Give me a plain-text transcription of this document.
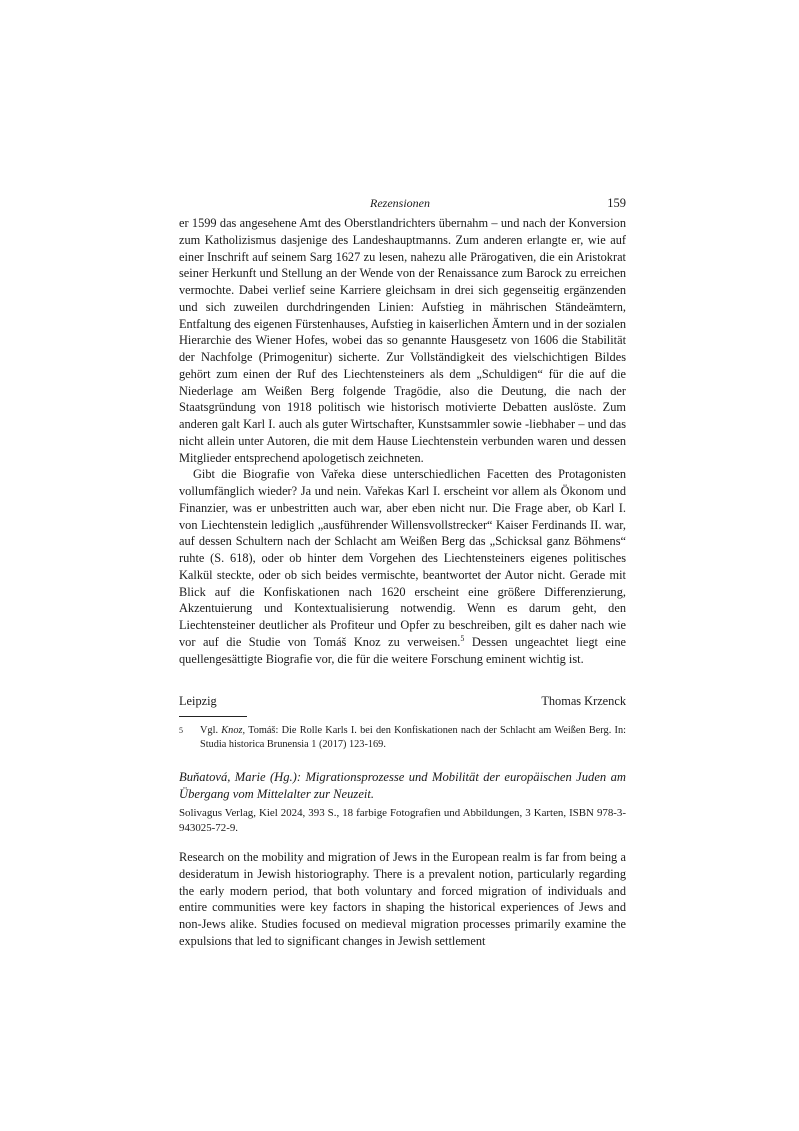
Rezensionen	159

er 1599 das angesehene Amt des Oberstlandrichters übernahm – und nach der Konversion zum Katholizismus dasjenige des Landeshauptmanns. Zum anderen erlangte er, wie auf einer Inschrift auf seinem Sarg 1627 zu lesen, nahezu alle Prärogativen, die ein Aristokrat seiner Herkunft und Stellung an der Wende von der Renaissance zum Barock zu erreichen vermochte. Dabei verlief seine Karriere gleichsam in drei sich gegenseitig ergänzenden und sich zuweilen durchdringenden Linien: Aufstieg in mährischen Ständeämtern, Entfaltung des eigenen Fürstenhauses, Aufstieg in kaiserlichen Ämtern und in der sozialen Hierarchie des Wiener Hofes, wobei das so genannte Hausgesetz von 1606 die Stabilität der Nachfolge (Primogenitur) sicherte. Zur Vollständigkeit des vielschichtigen Bildes gehört zum einen der Ruf des Liechtensteiners als dem „Schuldigen“ für die auf die Niederlage am Weißen Berg folgende Tragödie, also die Deutung, die nach der Staatsgründung von 1918 politisch wie historisch motivierte Debatten auslöste. Zum anderen galt Karl I. auch als guter Wirtschafter, Kunstsammler sowie -liebhaber – und das nicht allein unter Autoren, die mit dem Hause Liechtenstein verbunden waren und dessen Mitglieder entsprechend apologetisch zeichneten.

Gibt die Biografie von Vařeka diese unterschiedlichen Facetten des Protagonisten vollumfänglich wieder? Ja und nein. Vařekas Karl I. erscheint vor allem als Ökonom und Finanzier, was er unbestritten auch war, aber eben nicht nur. Die Frage aber, ob Karl I. von Liechtenstein lediglich „ausführender Willensvollstrecker“ Kaiser Ferdinands II. war, auf dessen Schultern nach der Schlacht am Weißen Berg das „Schicksal ganz Böhmens“ ruhte (S. 618), oder ob hinter dem Vorgehen des Liechtensteiners eigenes politisches Kalkül steckte, oder ob sich beides vermischte, beantwortet der Autor nicht. Gerade mit Blick auf die Konfiskationen nach 1620 erscheint eine größere Differenzierung, Akzentuierung und Kontextualisierung notwendig. Wenn es darum geht, den Liechtensteiner deutlicher als Profiteur und Opfer zu beschreiben, gilt es daher nach wie vor auf die Studie von Tomáš Knoz zu verweisen.$^5$ Dessen ungeachtet liegt eine quellengesättigte Biografie vor, die für die weitere Forschung eminent wichtig ist.

Leipzig	Thomas Krzenck
5 Vgl. Knoz, Tomáš: Die Rolle Karls I. bei den Konfiskationen nach der Schlacht am Weißen Berg. In: Studia historica Brunensia 1 (2017) 123-169.
Buňatová, Marie (Hg.): Migrationsprozesse und Mobilität der europäischen Juden am Übergang vom Mittelalter zur Neuzeit.
Solivagus Verlag, Kiel 2024, 393 S., 18 farbige Fotografien und Abbildungen, 3 Karten, ISBN 978-3-943025-72-9.

Research on the mobility and migration of Jews in the European realm is far from being a desideratum in Jewish historiography. There is a prevalent notion, particularly regarding the early modern period, that both voluntary and forced migration of individuals and entire communities were key factors in shaping the historical experiences of Jews and non-Jews alike. Studies focused on medieval migration processes primarily examine the expulsions that led to significant changes in Jewish settlement
